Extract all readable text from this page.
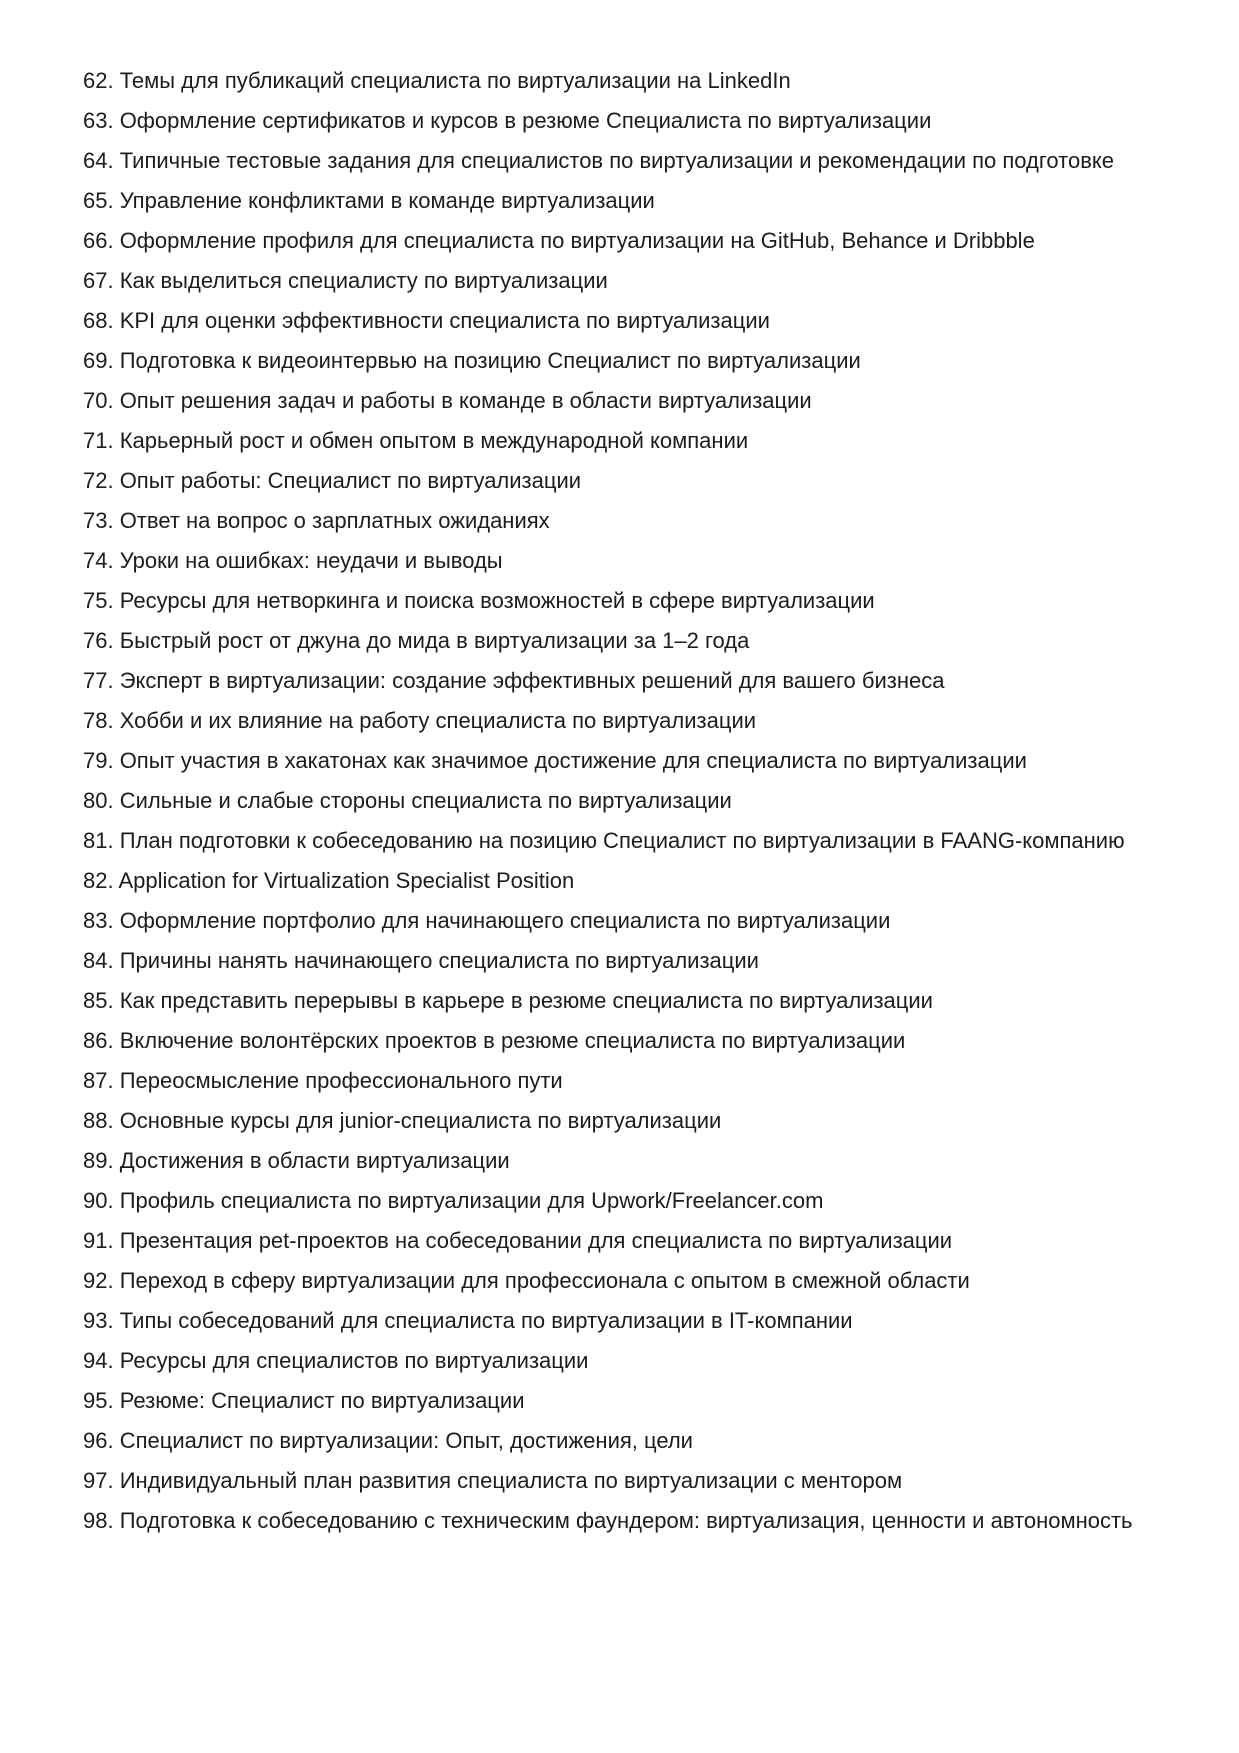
62. Темы для публикаций специалиста по виртуализации на LinkedIn
63. Оформление сертификатов и курсов в резюме Специалиста по виртуализации
64. Типичные тестовые задания для специалистов по виртуализации и рекомендации по подготовке
65. Управление конфликтами в команде виртуализации
66. Оформление профиля для специалиста по виртуализации на GitHub, Behance и Dribbble
67. Как выделиться специалисту по виртуализации
68. KPI для оценки эффективности специалиста по виртуализации
69. Подготовка к видеоинтервью на позицию Специалист по виртуализации
70. Опыт решения задач и работы в команде в области виртуализации
71. Карьерный рост и обмен опытом в международной компании
72. Опыт работы: Специалист по виртуализации
73. Ответ на вопрос о зарплатных ожиданиях
74. Уроки на ошибках: неудачи и выводы
75. Ресурсы для нетворкинга и поиска возможностей в сфере виртуализации
76. Быстрый рост от джуна до мида в виртуализации за 1–2 года
77. Эксперт в виртуализации: создание эффективных решений для вашего бизнеса
78. Хобби и их влияние на работу специалиста по виртуализации
79. Опыт участия в хакатонах как значимое достижение для специалиста по виртуализации
80. Сильные и слабые стороны специалиста по виртуализации
81. План подготовки к собеседованию на позицию Специалист по виртуализации в FAANG-компанию
82. Application for Virtualization Specialist Position
83. Оформление портфолио для начинающего специалиста по виртуализации
84. Причины нанять начинающего специалиста по виртуализации
85. Как представить перерывы в карьере в резюме специалиста по виртуализации
86. Включение волонтёрских проектов в резюме специалиста по виртуализации
87. Переосмысление профессионального пути
88. Основные курсы для junior-специалиста по виртуализации
89. Достижения в области виртуализации
90. Профиль специалиста по виртуализации для Upwork/Freelancer.com
91. Презентация pet-проектов на собеседовании для специалиста по виртуализации
92. Переход в сферу виртуализации для профессионала с опытом в смежной области
93. Типы собеседований для специалиста по виртуализации в IT-компании
94. Ресурсы для специалистов по виртуализации
95. Резюме: Специалист по виртуализации
96. Специалист по виртуализации: Опыт, достижения, цели
97. Индивидуальный план развития специалиста по виртуализации с ментором
98. Подготовка к собеседованию с техническим фаундером: виртуализация, ценности и автономность
